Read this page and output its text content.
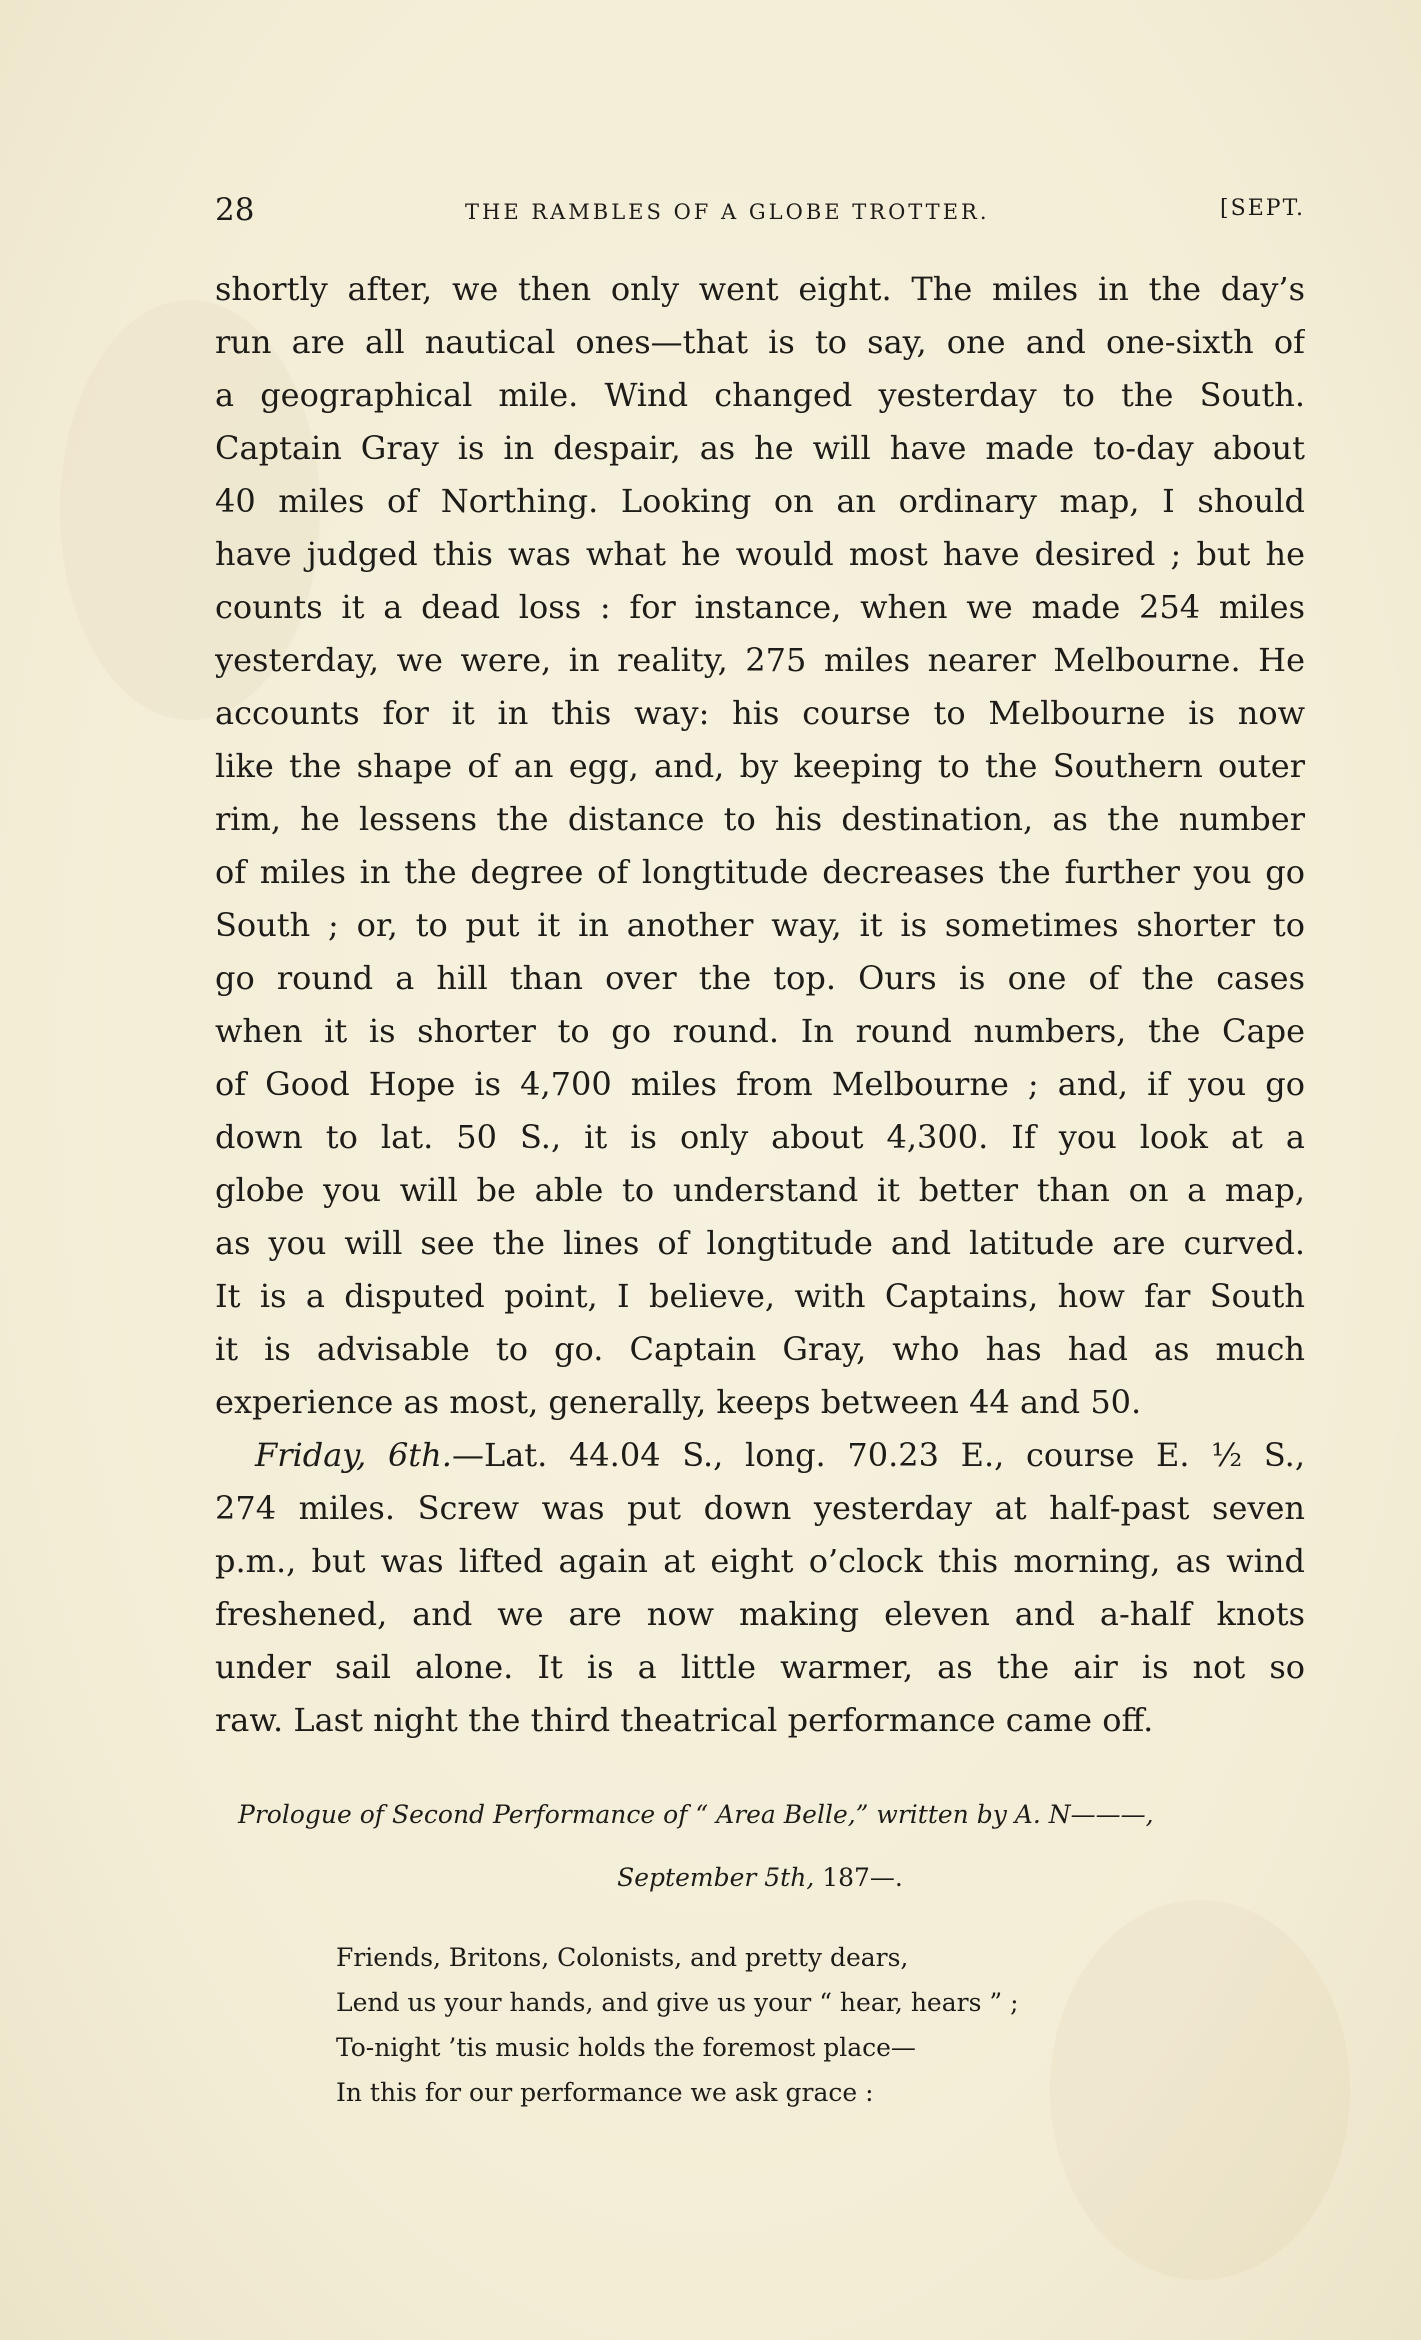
28	THE RAMBLES OF A GLOBE TROTTER.	[SEPT.
shortly after, we then only went eight. The miles in the day’s
run are all nautical ones—that is to say, one and one-sixth of
a geographical mile. Wind changed yesterday to the South.
Captain Gray is in despair, as he will have made to-day about
40 miles of Northing. Looking on an ordinary map, I should
have judged this was what he would most have desired ; but he
counts it a dead loss : for instance, when we made 254 miles
yesterday, we were, in reality, 275 miles nearer Melbourne. He
accounts for it in this way: his course to Melbourne is now
like the shape of an egg, and, by keeping to the Southern outer
rim, he lessens the distance to his destination, as the number
of miles in the degree of longtitude decreases the further you go
South ; or, to put it in another way, it is sometimes shorter to
go round a hill than over the top. Ours is one of the cases
when it is shorter to go round. In round numbers, the Cape
of Good Hope is 4,700 miles from Melbourne ; and, if you go
down to lat. 50 S., it is only about 4,300. If you look at a
globe you will be able to understand it better than on a map,
as you will see the lines of longtitude and latitude are curved.
It is a disputed point, I believe, with Captains, how far South
it is advisable to go. Captain Gray, who has had as much
experience as most, generally, keeps between 44 and 50.
Friday, 6th.—Lat. 44.04 S., long. 70.23 E., course E. ½ S.,
274 miles. Screw was put down yesterday at half-past seven
p.m., but was lifted again at eight o’clock this morning, as wind
freshened, and we are now making eleven and a-half knots
under sail alone. It is a little warmer, as the air is not so
raw. Last night the third theatrical performance came off.
Prologue of Second Performance of “ Area Belle,” written by A. N———,
September 5th, 187—.
Friends, Britons, Colonists, and pretty dears,
Lend us your hands, and give us your “ hear, hears ” ;
To-night ’tis music holds the foremost place—
In this for our performance we ask grace :
